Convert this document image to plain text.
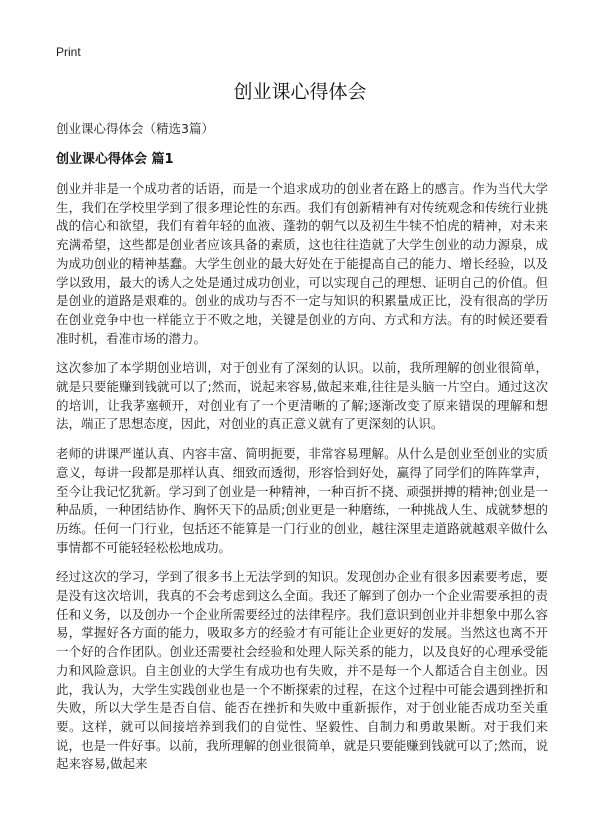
Print
创业课心得体会
创业课心得体会（精选3篇）
创业课心得体会 篇1

创业并非是一个成功者的话语，而是一个追求成功的创业者在路上的感言。作为当代大学生，我们在学校里学到了很多理论性的东西。我们有创新精神有对传统观念和传统行业挑战的信心和欲望，我们有着年轻的血液、蓬勃的朝气以及初生牛犊不怕虎的精神，对未来充满希望，这些都是创业者应该具备的素质，这也往往造就了大学生创业的动力源泉，成为成功创业的精神基蠢。大学生创业的最大好处在于能提高自己的能力、增长经验，以及学以致用，最大的诱人之处是通过成功创业，可以实现自己的理想、证明自己的价值。但是创业的道路是艰难的。创业的成功与否不一定与知识的积累量成正比，没有很高的学历在创业竞争中也一样能立于不败之地，关键是创业的方向、方式和方法。有的时候还要看准时机，看准市场的潜力。

这次参加了本学期创业培训，对于创业有了深刻的认识。以前，我所理解的创业很简单，就是只要能赚到钱就可以了;然而，说起来容易,做起来难,往往是头脑一片空白。通过这次的培训，让我茅塞顿开，对创业有了一个更清晰的了解;逐渐改变了原来错误的理解和想法，端正了思想态度，因此，对创业的真正意义就有了更深刻的认识。

老师的讲课严谨认真、内容丰富、简明扼要，非常容易理解。从什么是创业至创业的实质意义，每讲一段都是那样认真、细致而透彻，形容恰到好处，赢得了同学们的阵阵掌声，至今让我记忆犹新。学习到了创业是一种精神，一种百折不挠、顽强拼搏的精神;创业是一种品质，一种团结协作、胸怀天下的品质;创业更是一种磨练，一种挑战人生、成就梦想的历练。任何一门行业，包括还不能算是一门行业的创业，越往深里走道路就越艰辛做什么事情都不可能轻轻松松地成功。

经过这次的学习，学到了很多书上无法学到的知识。发现创办企业有很多因素要考虑，要是没有这次培训，我真的不会考虑到这么全面。我还了解到了创办一个企业需要承担的责任和义务，以及创办一个企业所需要经过的法律程序。我们意识到创业并非想象中那么容易，掌握好各方面的能力，吸取多方的经验才有可能让企业更好的发展。当然这也离不开一个好的合作团队。创业还需要社会经验和处理人际关系的能力，以及良好的心理承受能力和风险意识。自主创业的大学生有成功也有失败，并不是每一个人都适合自主创业。因此，我认为，大学生实践创业也是一个不断探索的过程，在这个过程中可能会遇到挫折和失败，所以大学生是否自信、能否在挫折和失败中重新振作，对于创业能否成功至关重要。这样，就可以间接培养到我们的自觉性、坚毅性、自制力和勇敢果断。对于我们来说，也是一件好事。以前，我所理解的创业很简单，就是只要能赚到钱就可以了;然而，说起来容易,做起来
